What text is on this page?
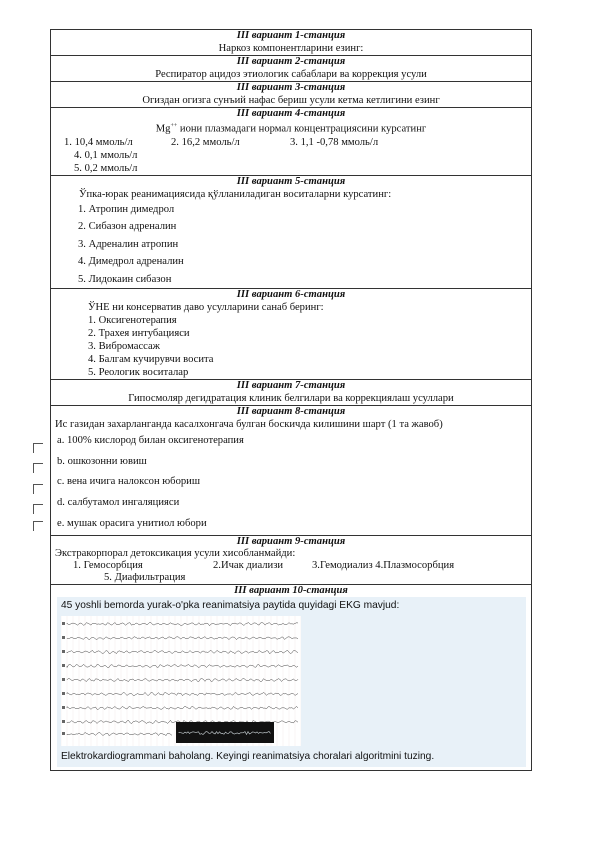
III вариант 1-станция
Наркоз компонентларини езинг:
III вариант 2-станция
Респиратор ацидоз этиологик сабаблари ва коррекция усули
III вариант 3-станция
Огиздан огизга сунъий нафас бериш усули кетма кетлигини езинг
III вариант 4-станция
Mg++ иони плазмадаги нормал концентрациясини курсатинг
1. 10,4 ммоль/л	2. 16,2 ммоль/л	3. 1,1 -0,78 ммоль/л
4. 0,1 ммоль/л
5. 0,2 ммоль/л
III вариант 5-станция
Ўпка-юрак реанимациясида қўлланиладиган воситаларни курсатинг:
1. Атропин димедрол
2. Сибазон адреналин
3. Адреналин атропин
4. Димедрол адреналин
5. Лидокаин сибазон
III вариант 6-станция
ЎНЕ ни консерватив даво усулларини санаб беринг:
1. Оксигенотерапия
2. Трахея интубацияси
3. Вибромассаж
4. Балгам кучирувчи восита
5. Реологик воситалар
III вариант 7-станция
Гипосмоляр дегидратация клиник белгилари ва коррекциялаш усуллари
III вариант 8-станция
Ис газидан захарланганда касалхонгача булган боскичда килишини шарт (1 та жавоб)
a. 100% кислород билан оксигенотерапия
b. ошкозонни ювиш
c. вена ичига налоксон юбориш
d. салбутамол ингаляцияси
e. мушак орасига унитиол юбори
III вариант 9-станция
Экстракорпорал детоксикация усули хисобланмайди:
1. Гемосорбция	2.Ичак диализи	3.Гемодиализ 4.Плазмосорбция
5. Диафильтрация
III вариант 10-станция
45 yoshli bemorda yurak-o'pka reanimatsiya paytida quyidagi EKG mavjud:
Elektrokardiogrammani baholang. Keyingi reanimatsiya choralari algoritmini tuzing.
